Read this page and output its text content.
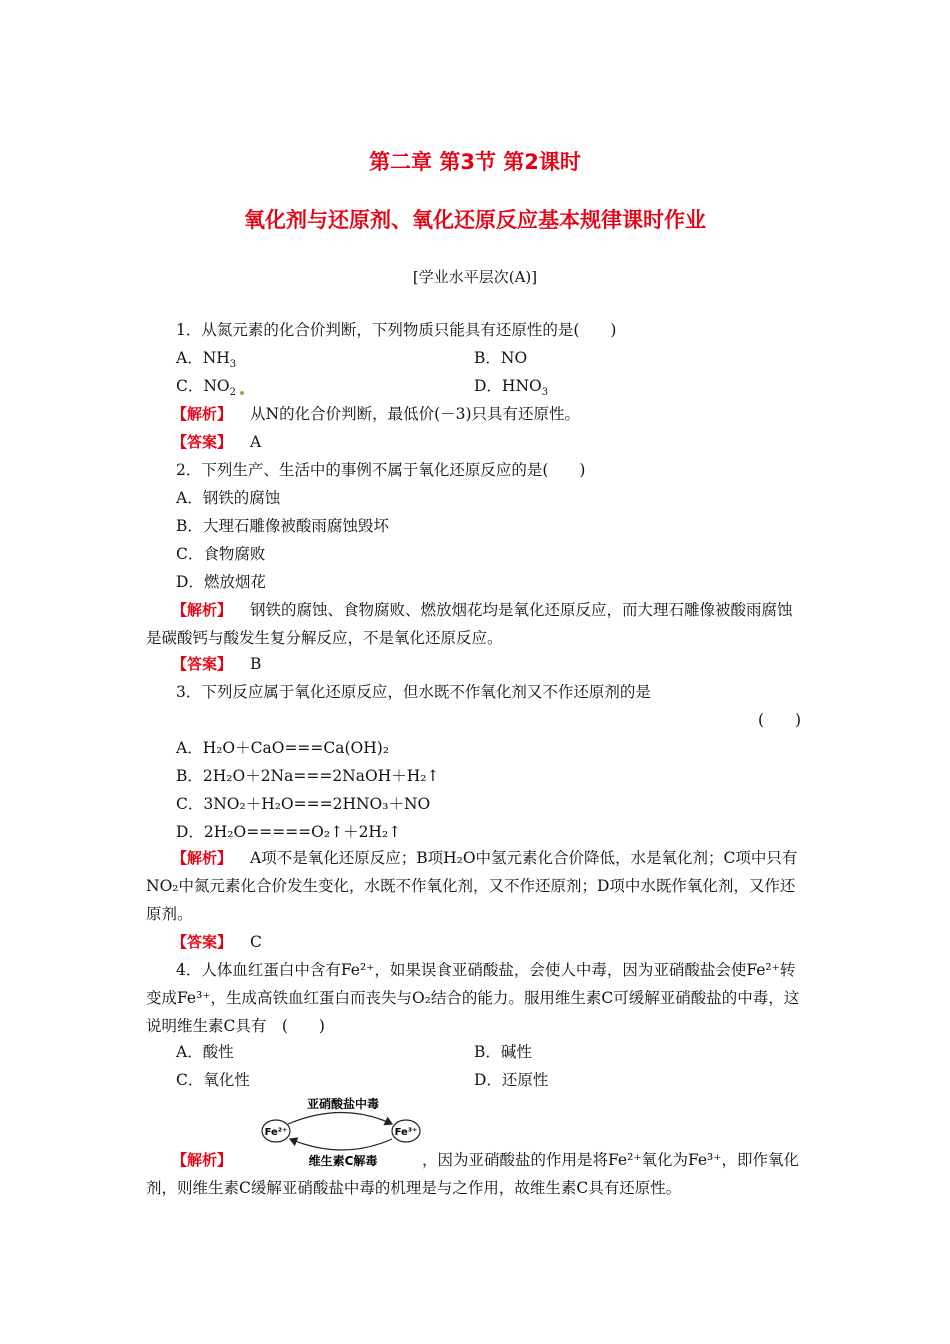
第二章 第3节 第2课时
氧化剂与还原剂、氧化还原反应基本规律课时作业
[学业水平层次(A)]
1．从氮元素的化合价判断，下列物质只能具有还原性的是(　　)
A．$NH_3$	B．NO
C．$NO_2$	D．$HNO_3$
【解析】 从N的化合价判断，最低价(－3)只具有还原性。
【答案】 A
2．下列生产、生活中的事例不属于氧化还原反应的是(　　)
A．钢铁的腐蚀
B．大理石雕像被酸雨腐蚀毁坏
C．食物腐败
D．燃放烟花
【解析】 钢铁的腐蚀、食物腐败、燃放烟花均是氧化还原反应，而大理石雕像被酸雨腐蚀是碳酸钙与酸发生复分解反应，不是氧化还原反应。
【答案】 B
3．下列反应属于氧化还原反应，但水既不作氧化剂又不作还原剂的是
(　　)
A．H₂O＋CaO===Ca(OH)₂
B．2H₂O＋2Na===2NaOH＋H₂↑
C．3NO₂＋H₂O===2HNO₃＋NO
D．2H₂O=====O₂↑＋2H₂↑
【解析】 A项不是氧化还原反应；B项H₂O中氢元素化合价降低，水是氧化剂；C项中只有NO₂中氮元素化合价发生变化，水既不作氧化剂，又不作还原剂；D项中水既作氧化剂，又作还原剂。
【答案】 C
4．人体血红蛋白中含有Fe²⁺，如果误食亚硝酸盐，会使人中毒，因为亚硝酸盐会使Fe²⁺转变成Fe³⁺，生成高铁血红蛋白而丧失与O₂结合的能力。服用维生素C可缓解亚硝酸盐的中毒，这说明维生素C具有　(　　)
A．酸性	B．碱性
C．氧化性	D．还原性
亚硝酸盐中毒
Fe²⁺	Fe³⁺
维生素C解毒
【解析】	，因为亚硝酸盐的作用是将Fe²⁺氧化为Fe³⁺，即作氧化剂，则维生素C缓解亚硝酸盐中毒的机理是与之作用，故维生素C具有还原性。
